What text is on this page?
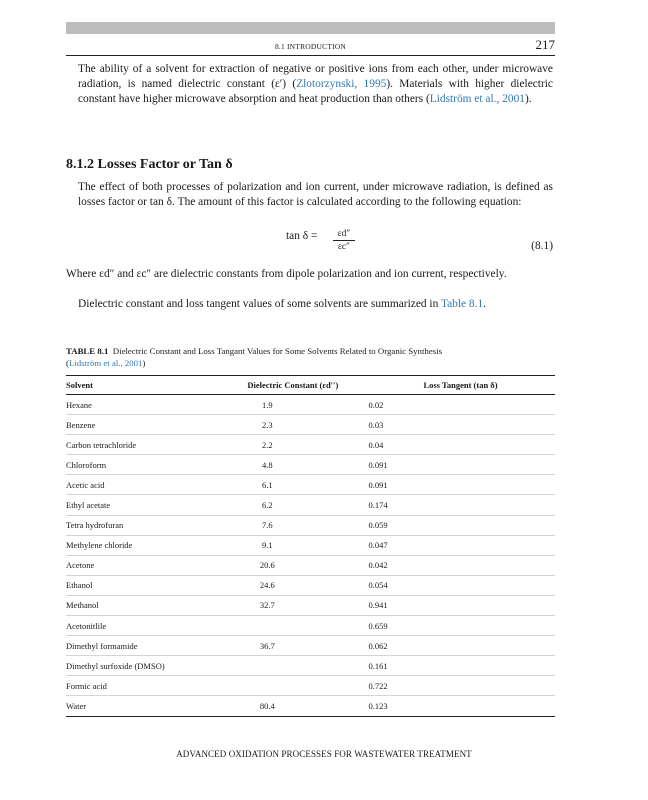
8.1 INTRODUCTION	217

The ability of a solvent for extraction of negative or positive ions from each other, under microwave radiation, is named dielectric constant (ε′) (Zlotorzynski, 1995). Materials with higher dielectric constant have higher microwave absorption and heat production than others (Lidström et al., 2001).

8.1.2 Losses Factor or Tan δ

The effect of both processes of polarization and ion current, under microwave radiation, is defined as losses factor or tan δ. The amount of this factor is calculated according to the following equation:

$\tan \delta = \frac{\varepsilon d''}{\varepsilon c''}$	(8.1)

Where εd″ and εc″ are dielectric constants from dipole polarization and ion current, respectively.

Dielectric constant and loss tangent values of some solvents are summarized in Table 8.1.

TABLE 8.1 Dielectric Constant and Loss Tangant Values for Some Solvents Related to Organic Synthesis
(Lidström et al., 2001)
Solvent	Dielectric Constant (εd′′)	Loss Tangent (tan δ)
Hexane	1.9	0.02
Benzene	2.3	0.03
Carbon tetrachloride	2.2	0.04
Chloroform	4.8	0.091
Acetic acid	6.1	0.091
Ethyl acetate	6.2	0.174
Tetra hydrofuran	7.6	0.059
Methylene chloride	9.1	0.047
Acetone	20.6	0.042
Ethanol	24.6	0.054
Methanol	32.7	0.941
Acetonitlile		0.659
Dimethyl formamide	36.7	0.062
Dimethyl surfoxide (DMSO)		0.161
Formic acid		0.722
Water	80.4	0.123
ADVANCED OXIDATION PROCESSES FOR WASTEWATER TREATMENT
